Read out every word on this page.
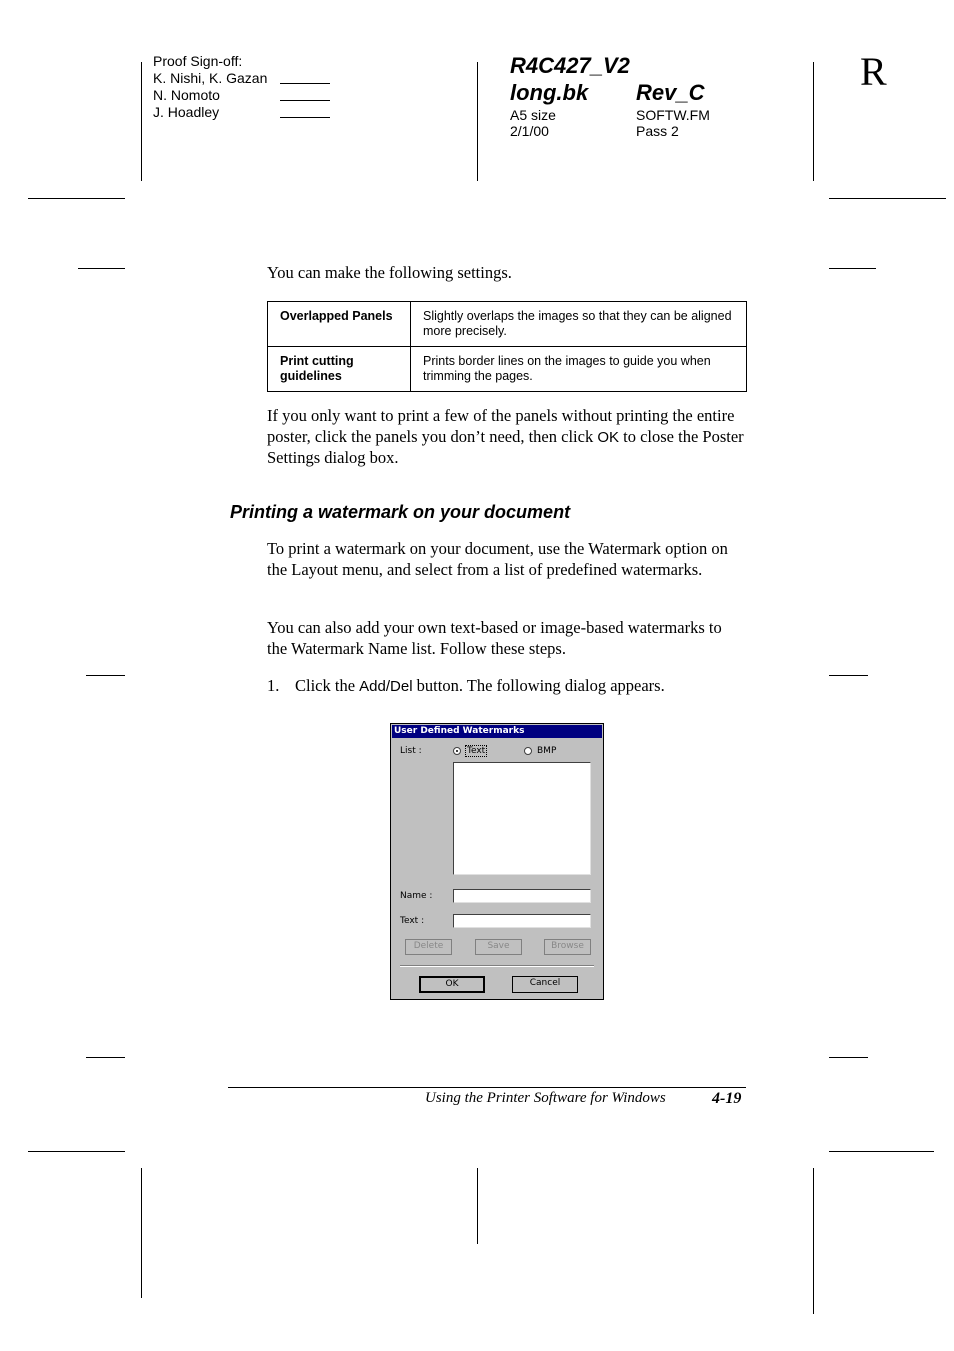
Proof Sign-off:
K. Nishi, K. Gazan
N. Nomoto
J. Hoadley
R4C427_V2
long.bk Rev_C
A5 size
2/1/00
SOFTW.FM
Pass 2
R
You can make the following settings.
Overlapped Panels	Slightly overlaps the images so that they can be aligned more precisely.
Print cutting guidelines	Prints border lines on the images to guide you when trimming the pages.
If you only want to print a few of the panels without printing the entire poster, click the panels you don’t need, then click OK to close the Poster Settings dialog box.
Printing a watermark on your document
To print a watermark on your document, use the Watermark option on the Layout menu, and select from a list of predefined watermarks.
You can also add your own text-based or image-based watermarks to the Watermark Name list. Follow these steps.
1. Click the Add/Del button. The following dialog appears.
User Defined Watermarks
List :	Text	BMP
Name :
Text :
Delete	Save	Browse
OK	Cancel
Using the Printer Software for Windows	4-19
